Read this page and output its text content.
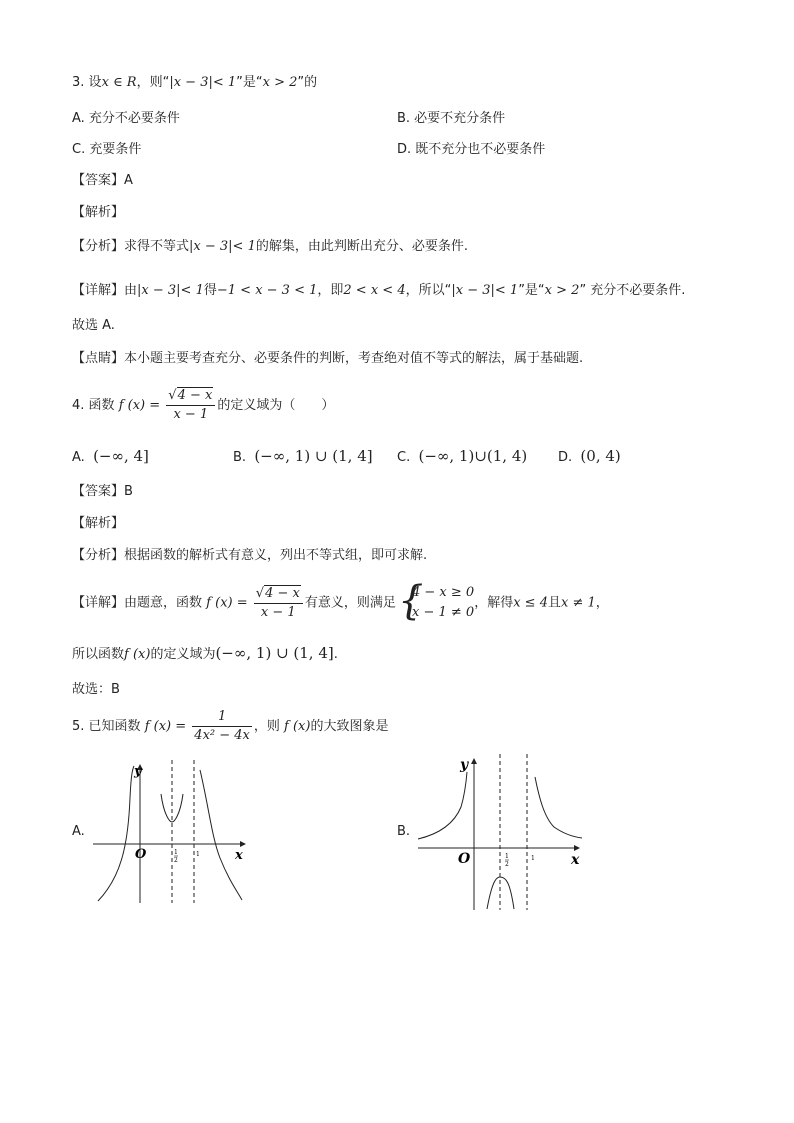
3. 设x ∈ R，则“|x − 3|< 1”是“x > 2”的
A. 充分不必要条件	B. 必要不充分条件
C. 充要条件	D. 既不充分也不必要条件
【答案】A
【解析】
【分析】求得不等式|x − 3|< 1的解集，由此判断出充分、必要条件.
【详解】由|x − 3|< 1得−1 < x − 3 < 1，即2 < x < 4，所以“|x − 3|< 1”是“x > 2” 充分不必要条件.
故选 A.
【点睛】本小题主要考查充分、必要条件的判断，考查绝对值不等式的解法，属于基础题.
4. 函数 f $(x) = \frac{√4 - x}{x - 1}$ 的定义域为（　　）
A. (−∞, 4]	B. (−∞, 1) ∪ (1, 4] C. (−∞, 1)∪(1, 4) D. (0, 4)
【答案】B
【解析】
【分析】根据函数的解析式有意义，列出不等式组，即可求解.
【详解】由题意，函数 f $(x) = \frac{√4 - x}{x - 1}$ 有意义，则满足
{ 4 − x ≥ 0
x − 1 ≠ 0
，解得x ≤ 4且x ≠ 1，
所以函数f (x)的定义域为(−∞, 1) ∪ (1, 4].
故选：B
5. 已知函数 f $(x) = \frac{1}{\text{4x² − 4x}}$ ，则 f (x)的大致图象是
A.	B.
y
x
O	1
2
1
y
x
O	1
2
1
